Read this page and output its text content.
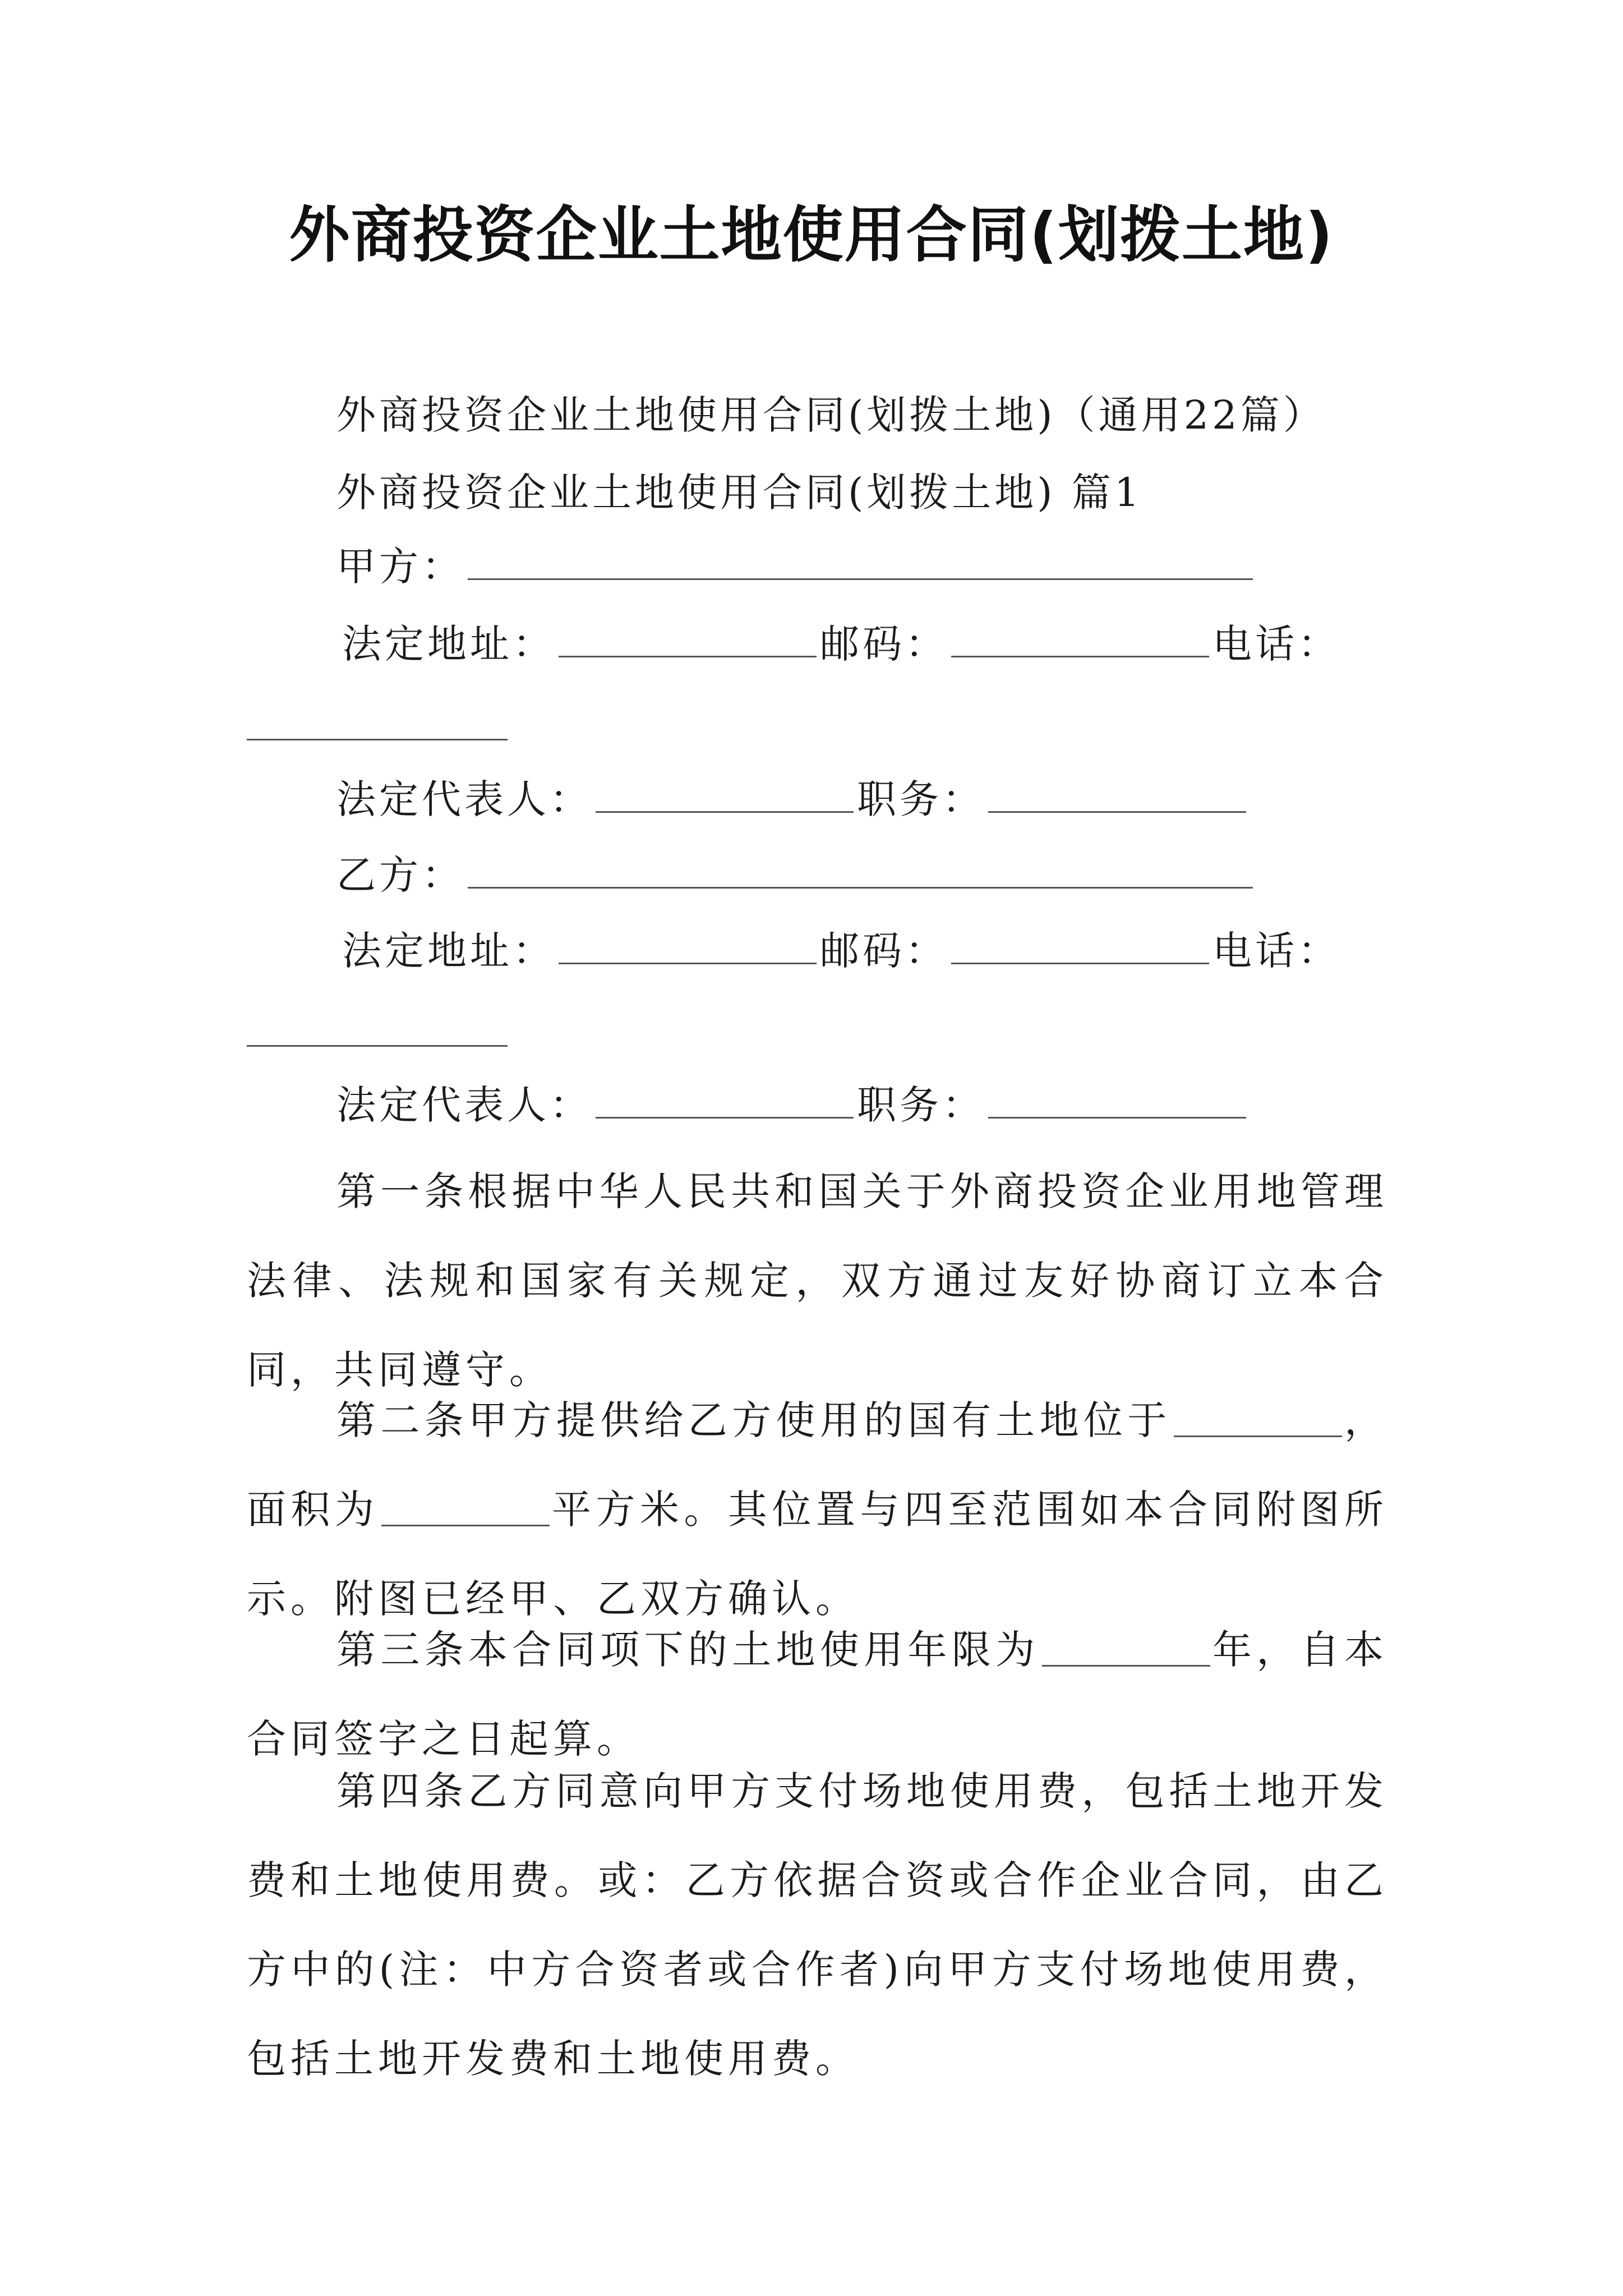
外商投资企业土地使用合同(划拨土地)
外商投资企业土地使用合同(划拨土地)（通用22篇）
外商投资企业土地使用合同(划拨土地) 篇1
甲方：
法定地址：	邮码：	电话：
法定代表人：	职务：
乙方：
法定地址：	邮码：	电话：
法定代表人：	职务：
第一条根据中华人民共和国关于外商投资企业用地管理法律、法规和国家有关规定，双方通过友好协商订立本合同，共同遵守。
第二条甲方提供给乙方使用的国有土地位于	，面积为	平方米。其位置与四至范围如本合同附图所示。附图已经甲、乙双方确认。
第三条本合同项下的土地使用年限为	年，自本合同签字之日起算。
第四条乙方同意向甲方支付场地使用费，包括土地开发费和土地使用费。或：乙方依据合资或合作企业合同，由乙方中的(注：中方合资者或合作者)向甲方支付场地使用费，包括土地开发费和土地使用费。
